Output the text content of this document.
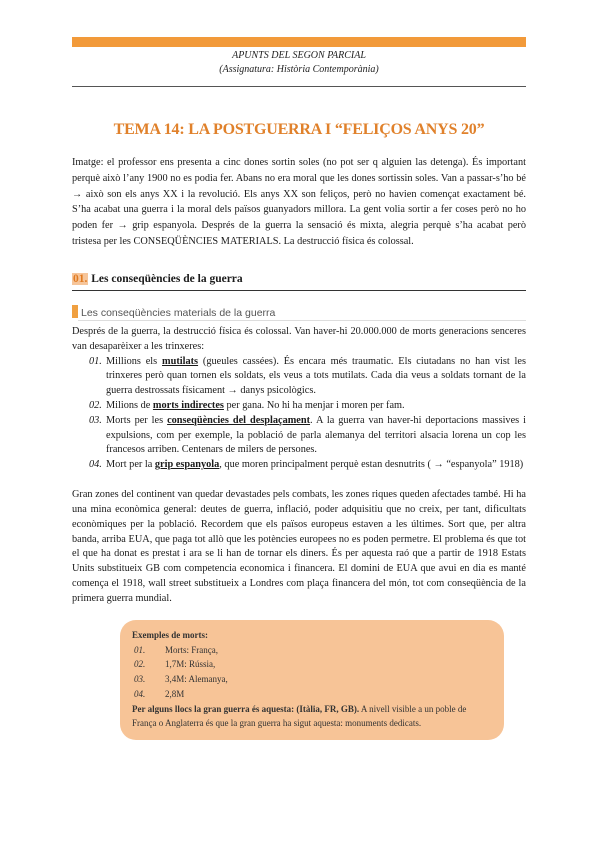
APUNTS DEL SEGON PARCIAL
(Assignatura: Història Contemporània)
TEMA 14: LA POSTGUERRA I “FELIÇOS ANYS 20”
Imatge: el professor ens presenta a cinc dones sortin soles (no pot ser q alguien las detenga). És important perquè això l’any 1900 no es podia fer. Abans no era moral que les dones sortissin soles. Van a passar-s’ho bé → això son els anys XX i la revolució. Els anys XX son feliços, però no havien començat exactament bé. S’ha acabat una guerra i la moral dels països guanyadors millora. La gent volia sortir a fer coses però no ho poden fer → grip espanyola. Després de la guerra la sensació és mixta, alegria perquè s’ha acabat però tristesa per les CONSEQÜÈNCIES MATERIALS. La destrucció física és colossal.
01. Les conseqüències de la guerra
Les conseqüències materials de la guerra

Després de la guerra, la destrucció física és colossal. Van haver-hi 20.000.000 de morts generacions senceres van desaparèixer a les trinxeres:

01. Millions els mutilats (gueules cassées). És encara més traumatic. Els ciutadans no han vist les trinxeres però quan tornen els soldats, els veus a tots mutilats. Cada dia veus a soldats tornant de la guerra destrossats físicament → danys psicològics.
02. Milions de morts indirectes per gana. No hi ha menjar i moren per fam.
03. Morts per les conseqüències del desplaçament. A la guerra van haver-hi deportacions massives i expulsions, com per exemple, la població de parla alemanya del territori alsacia lorena un cop les francesos arriben. Centenars de milers de persones.
04. Mort per la grip espanyola, que moren principalment perquè estan desnutrits ( → “espanyola” 1918)
Gran zones del continent van quedar devastades pels combats, les zones riques queden afectades també. Hi ha una mina econòmica general: deutes de guerra, inflació, poder adquisitiu que no creix, per tant, dificultats econòmiques per la població. Recordem que els països europeus estaven a les últimes. Sort que, per altra banda, arriba EUA, que paga tot allò que les potències europees no es poden permetre. El problema és que tot el que ha donat es prestat i ara se li han de tornar els diners. És per aquesta raó que a partir de 1918 Estats Units substitueix GB com competencia economica i financera. El domini de EUA que avui en dia es manté comença el 1918, wall street substitueix a Londres com plaça financera del món, tot com conseqüència de la primera guerra mundial.
Exemples de morts:
01. Morts: França,
02. 1,7M: Rússia,
03. 3,4M: Alemanya,
04. 2,8M
Per alguns llocs la gran guerra és aquesta: (Itàlia, FR, GB). A nivell visible a un poble de França o Anglaterra és que la gran guerra ha sigut aquesta: monuments dedicats.
